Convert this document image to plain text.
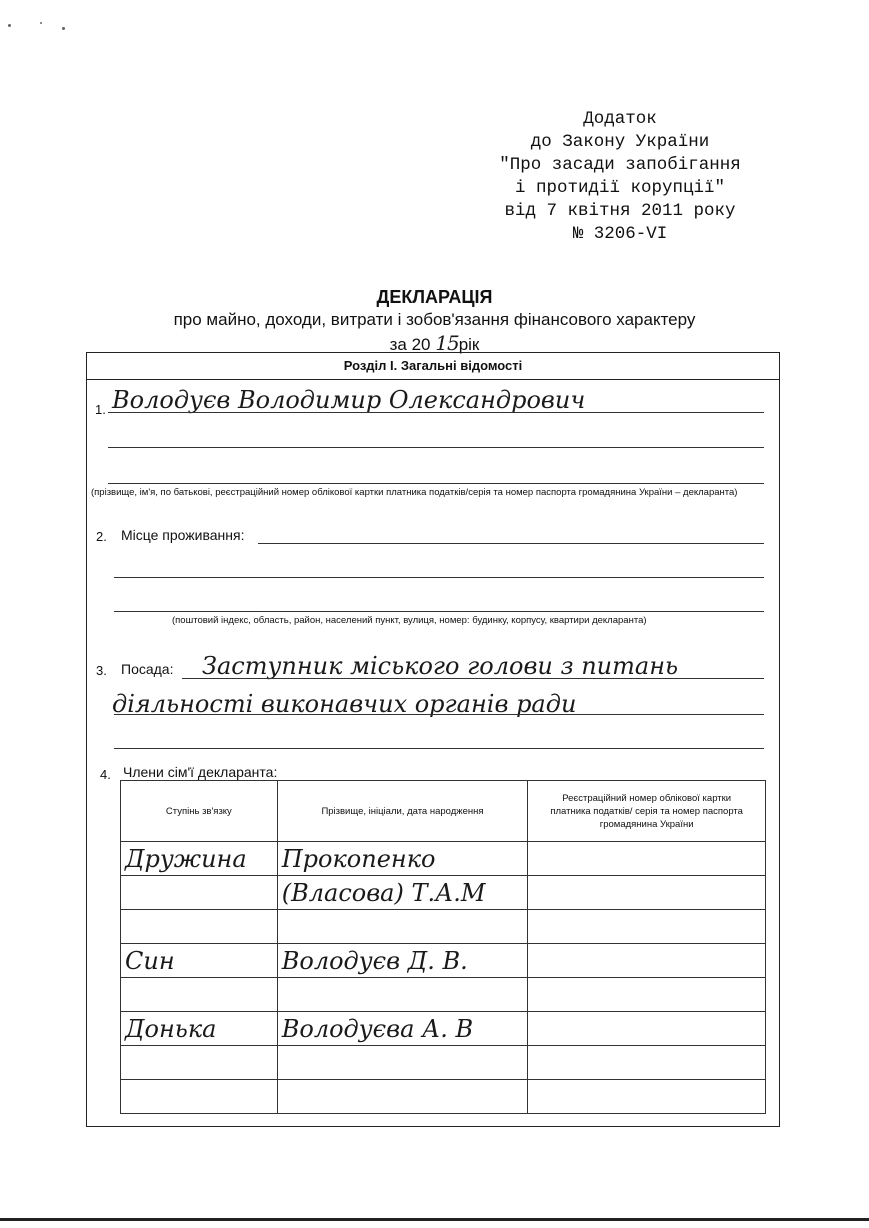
Додаток
до Закону України
"Про засади запобігання
і протидії корупції"
від 7 квітня 2011 року
№ 3206-VI
ДЕКЛАРАЦІЯ
про майно, доходи, витрати і зобов'язання фінансового характеру
за 20 15рік
Розділ І. Загальні відомості
1. Володуєв Володимир Олександрович
(прізвище, ім'я, по батькові, реєстраційний номер облікової картки платника податків/серія та номер паспорта громадянина України – декларанта)
2. Місце проживання:
(поштовий індекс, область, район, населений пункт, вулиця, номер: будинку, корпусу, квартири декларанта)
3. Посада: Заступник міського голови з питань
діяльності виконавчих органів ради
4. Члени сім'ї декларанта:
Ступінь зв'язку	Прізвище, ініціали, дата народження	Реєстраційний номер облікової картки платника податків/ серія та номер паспорта громадянина України

Дружина	Прокопенко	

	(Власова) Т.А.М	

Син	Володуєв Д. В.	

Донька	Володуєва А. В	
